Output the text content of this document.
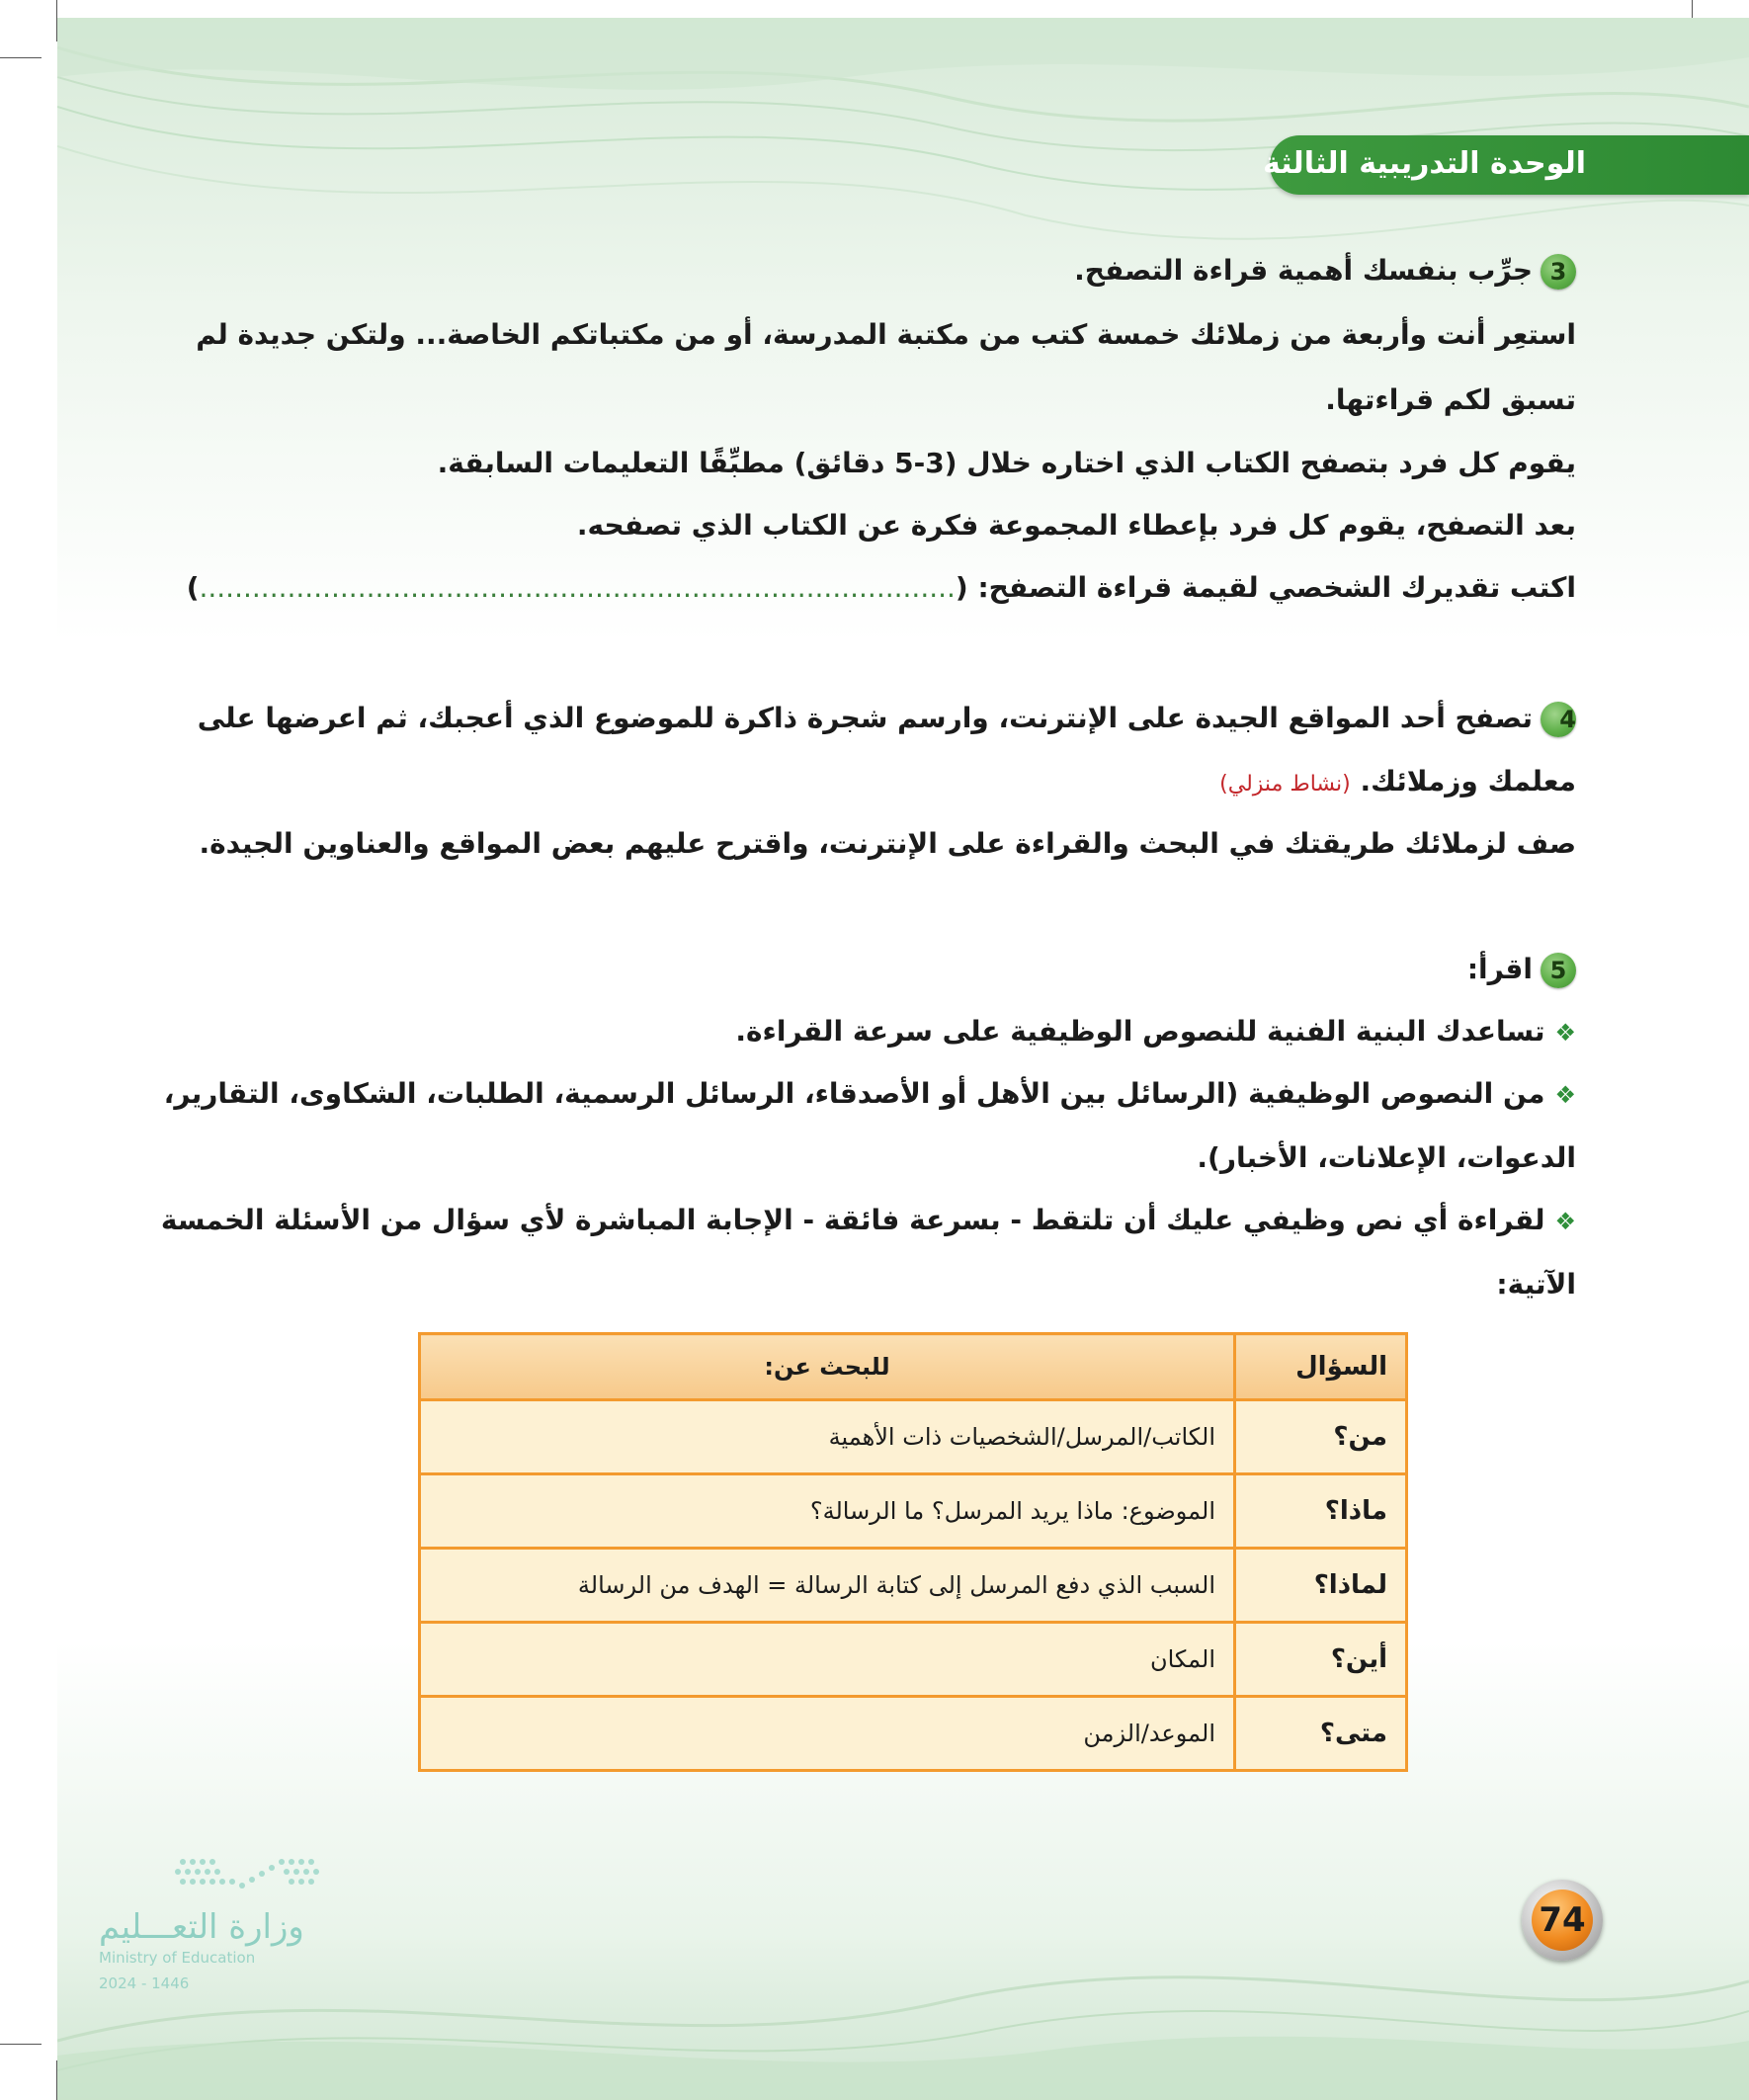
الوحدة التدريبية الثالثة
3جرِّب بنفسك أهمية قراءة التصفح.
استعِر أنت وأربعة من زملائك خمسة كتب من مكتبة المدرسة، أو من مكتباتكم الخاصة... ولتكن جديدة لم
تسبق لكم قراءتها.
يقوم كل فرد بتصفح الكتاب الذي اختاره خلال (3-5 دقائق) مطبِّقًا التعليمات السابقة.
بعد التصفح، يقوم كل فرد بإعطاء المجموعة فكرة عن الكتاب الذي تصفحه.
اكتب تقديرك الشخصي لقيمة قراءة التصفح: (......................................................................................)
4تصفح أحد المواقع الجيدة على الإنترنت، وارسم شجرة ذاكرة للموضوع الذي أعجبك، ثم اعرضها على
معلمك وزملائك. (نشاط منزلي)
صف لزملائك طريقتك في البحث والقراءة على الإنترنت، واقترح عليهم بعض المواقع والعناوين الجيدة.
5اقرأ:
❖تساعدك البنية الفنية للنصوص الوظيفية على سرعة القراءة.
❖من النصوص الوظيفية (الرسائل بين الأهل أو الأصدقاء، الرسائل الرسمية، الطلبات، الشكاوى، التقارير،
الدعوات، الإعلانات، الأخبار).
❖لقراءة أي نص وظيفي عليك أن تلتقط - بسرعة فائقة - الإجابة المباشرة لأي سؤال من الأسئلة الخمسة
الآتية:
السؤال	للبحث عن:
من؟	الكاتب/المرسل/الشخصيات ذات الأهمية
ماذا؟	الموضوع: ماذا يريد المرسل؟ ما الرسالة؟
لماذا؟	السبب الذي دفع المرسل إلى كتابة الرسالة = الهدف من الرسالة
أين؟	المكان
متى؟	الموعد/الزمن
وزارة التعـــليم
Ministry of Education
2024 - 1446
74
